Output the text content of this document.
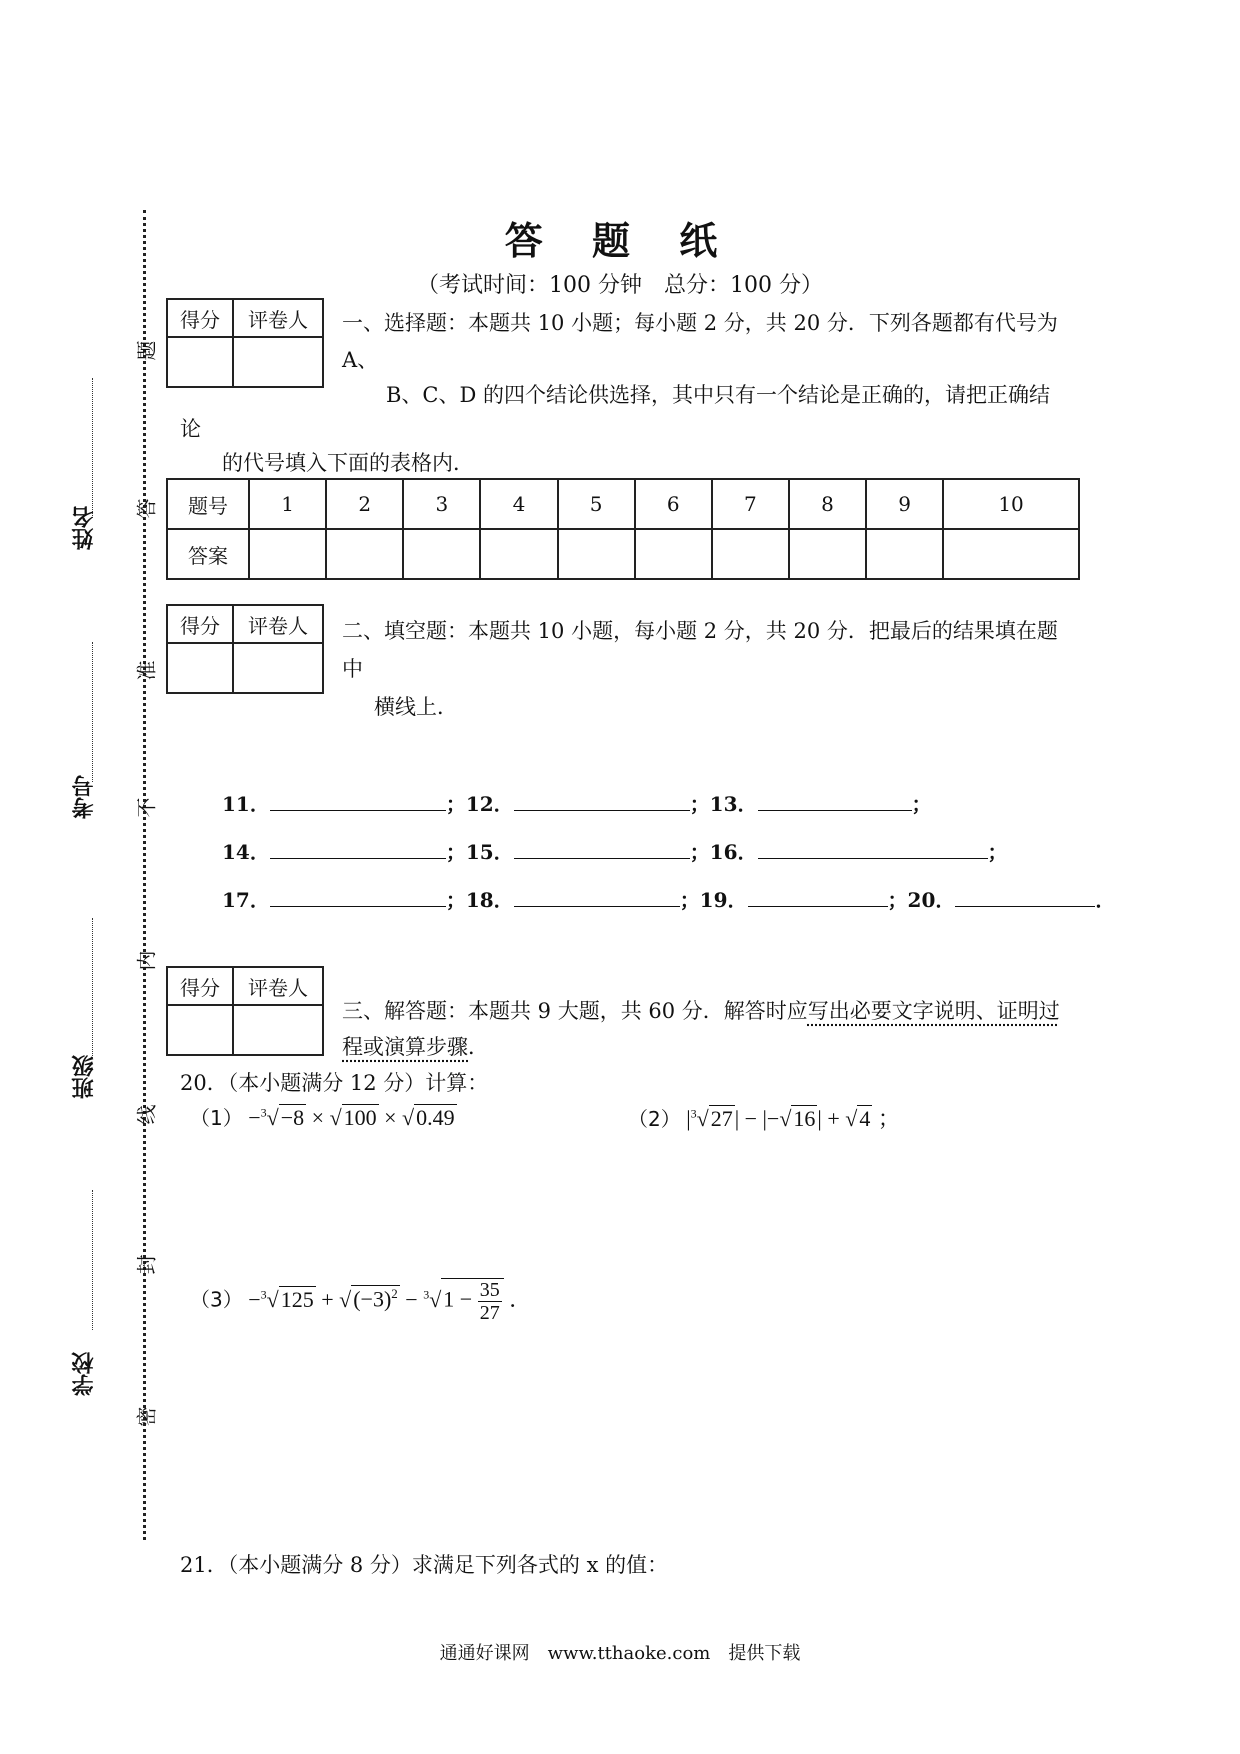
答 题 纸
（考试时间：100 分钟　总分：100 分）
题
答
准
不
内
线
封
密
姓名
考号
班级
学校
得分	评卷人
	一、选择题：本题共 10 小题；每小题 2 分，共 20 分．下列各题都有代号为
A、
B、C、D 的四个结论供选择，其中只有一个结论是正确的，请把正确结
论
的代号填入下面的表格内．
题号	1	2	3	4	5	6	7	8	9	10
答案										
得分	评卷人
	二、填空题：本题共 10 小题，每小题 2 分，共 20 分．把最后的结果填在题
中
横线上．
11．	；12．	；13．	；
14．	；15．	；16．	；
17．	；18．	；19．	；20．	．
得分	评卷人

三、解答题：本题共 9 大题，共 60 分．解答时应写出必要文字说明、证明过
程或演算步骤．
20．（本小题满分 12 分）计算：
（1） −$^3$√−8 × √100 × √0.49	（2） $|^3√27| - |-√16| + √4$ ；
$(3) -^3√125 + √(-3)^2 - ^3√1 - \frac{35}{27}$ ．
21．（本小题满分 8 分）求满足下列各式的 x 的值：
通通好课网　www.tthaoke.com　提供下载
